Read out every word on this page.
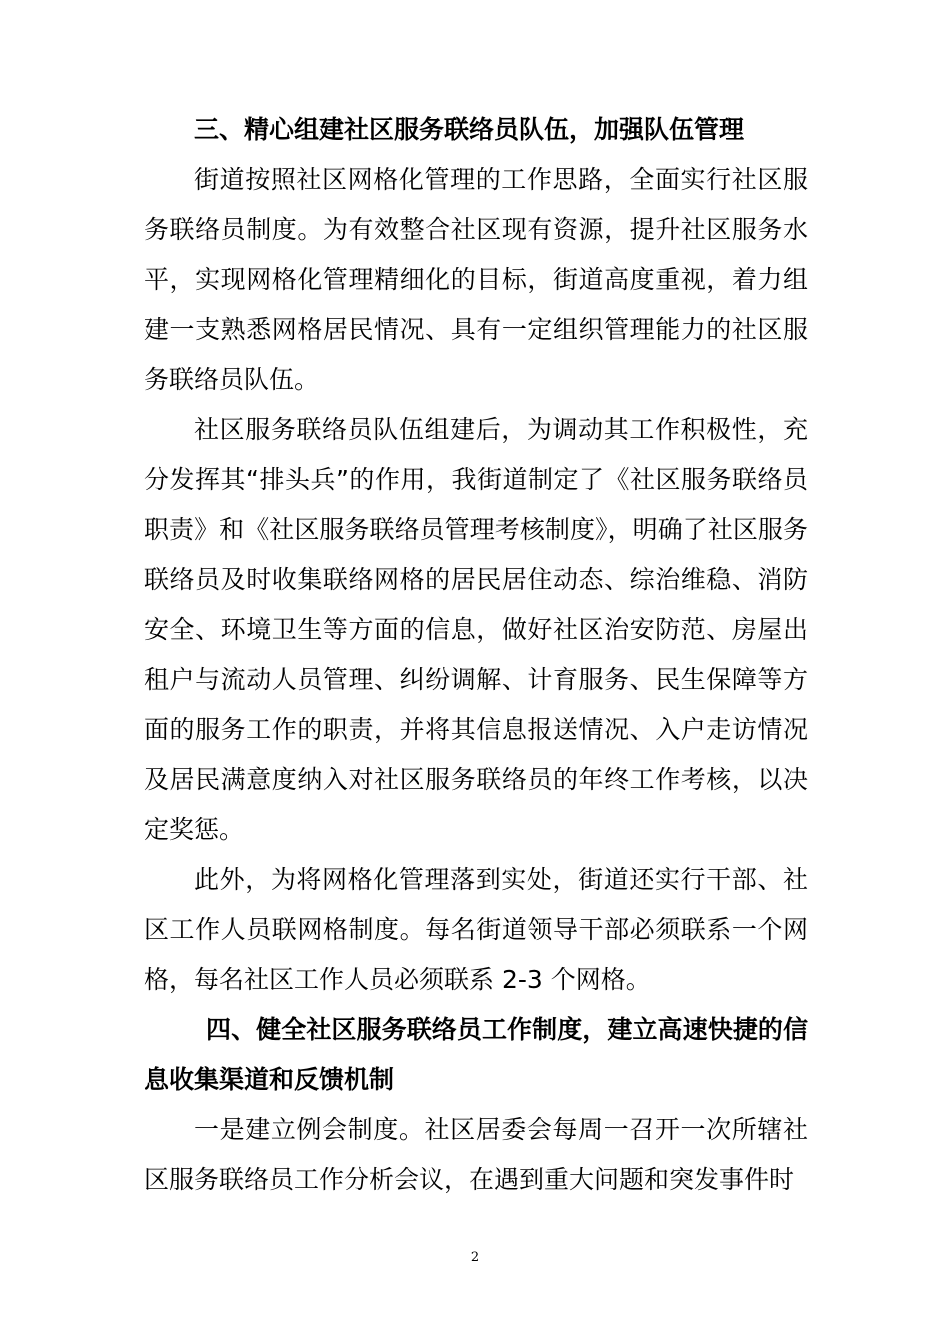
三、精心组建社区服务联络员队伍，加强队伍管理

街道按照社区网格化管理的工作思路，全面实行社区服务联络员制度。为有效整合社区现有资源，提升社区服务水平，实现网格化管理精细化的目标，街道高度重视，着力组建一支熟悉网格居民情况、具有一定组织管理能力的社区服务联络员队伍。

社区服务联络员队伍组建后，为调动其工作积极性，充分发挥其“排头兵”的作用，我街道制定了《社区服务联络员职责》和《社区服务联络员管理考核制度》，明确了社区服务联络员及时收集联络网格的居民居住动态、综治维稳、消防安全、环境卫生等方面的信息，做好社区治安防范、房屋出租户与流动人员管理、纠纷调解、计育服务、民生保障等方面的服务工作的职责，并将其信息报送情况、入户走访情况及居民满意度纳入对社区服务联络员的年终工作考核，以决定奖惩。

此外，为将网格化管理落到实处，街道还实行干部、社区工作人员联网格制度。每名街道领导干部必须联系一个网格，每名社区工作人员必须联系 2-3 个网格。

四、健全社区服务联络员工作制度，建立高速快捷的信息收集渠道和反馈机制

一是建立例会制度。社区居委会每周一召开一次所辖社区服务联络员工作分析会议，在遇到重大问题和突发事件时

2
